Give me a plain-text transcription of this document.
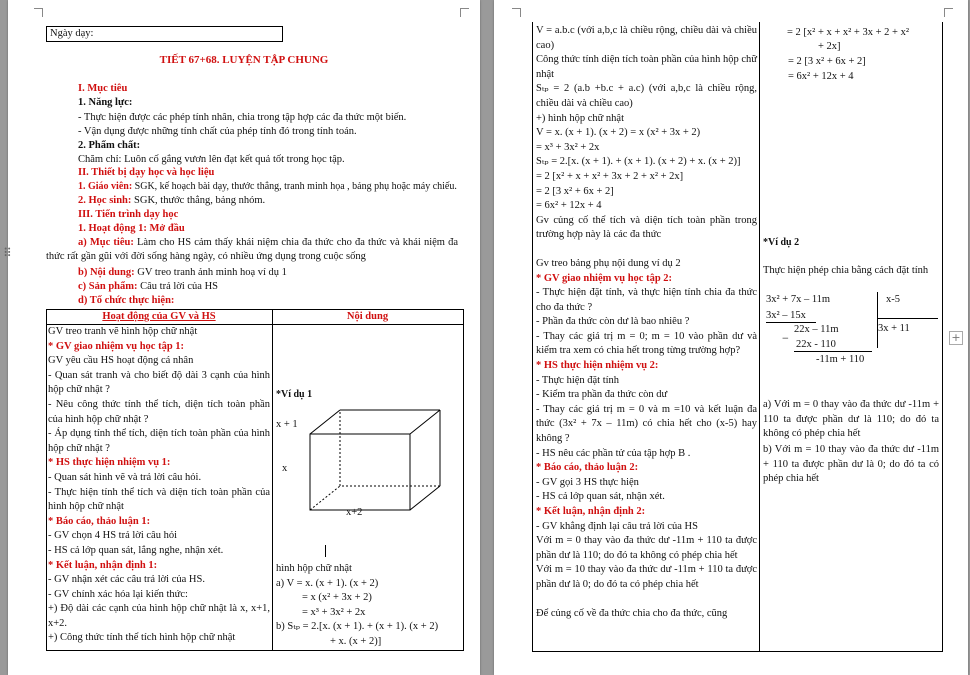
Ngày dạy:
TIẾT 67+68. LUYỆN TẬP CHUNG
I. Mục tiêu
1. Năng lực:
- Thực hiện được các phép tính nhân, chia trong tập hợp các đa thức một biến.
- Vận dụng được những tính chất của phép tính đó trong tính toán.
2. Phẩm chất:
Chăm chỉ: Luôn cố gắng vươn lên đạt kết quả tốt trong học tập.
II. Thiết bị dạy học và học liệu
1. Giáo viên: SGK, kế hoạch bài dạy, thước thẳng, tranh minh họa , bảng phụ hoặc máy chiếu.
2. Học sinh: SGK, thước thẳng, bảng nhóm.
III. Tiến trình dạy học
1. Hoạt động 1: Mở đầu
a) Mục tiêu: Làm cho HS cảm thấy khái niệm chia đa thức cho đa thức và khái niệm đa thức rất gần gũi với đời sống hàng ngày, có nhiều ứng dụng trong cuộc sống
b) Nội dung: GV treo tranh ảnh minh hoạ ví dụ 1
c) Sản phẩm: Câu trả lời của HS
d) Tổ chức thực hiện:
⠿
Hoạt động của GV và HS	Nội dung
GV treo tranh vẽ hình hộp chữ nhật
* GV giao nhiệm vụ học tập 1:
GV yêu cầu HS hoạt động cá nhân
- Quan sát tranh và cho biết độ dài 3 cạnh của hình hộp chữ nhật ?
- Nêu công thức tính thể tích, diện tích toàn phần của hình hộp chữ nhật ?
- Áp dụng tính thể tích, diện tích toàn phần của hình hộp chữ nhật ?
* HS thực hiện nhiệm vụ 1:
- Quan sát hình vẽ và trả lời câu hỏi.
- Thực hiện tính thể tích và diện tích toàn phần của hình hộp chữ nhật
* Báo cáo, thảo luận 1:
- GV chọn 4 HS trả lời câu hỏi
- HS cả lớp quan sát, lắng nghe, nhận xét.
* Kết luận, nhận định 1:
- GV nhận xét các câu trả lời của HS.
- GV chính xác hóa lại kiến thức:
+) Độ dài các cạnh của hình hộp chữ nhật là x, x+1, x+2.
+) Công thức tính thể tích hình hộp chữ nhật
*Ví dụ 1
x + 1
x
x+2
hình hộp chữ nhật
a) V = x. (x + 1). (x + 2)
= x (x² + 3x + 2)
= x³ + 3x² + 2x
b) Sₜₚ = 2.[x. (x + 1). + (x + 1). (x + 2)
+ x. (x + 2)]
V = a.b.c (với a,b,c là chiều rộng, chiều dài và chiều cao)
Công thức tính diện tích toàn phần của hình hộp chữ nhật
Sₜₚ = 2 (a.b +b.c + a.c) (với a,b,c là chiều rộng, chiều dài và chiều cao)
+) hình hộp chữ nhật
V = x. (x + 1). (x + 2) = x (x² + 3x + 2)
= x³ + 3x² + 2x
Sₜₚ = 2.[x. (x + 1). + (x + 1). (x + 2) + x. (x + 2)]
= 2 [x² + x + x² + 3x + 2 + x² + 2x]
= 2 [3 x² + 6x + 2]
= 6x² + 12x + 4
Gv củng cố thể tích và diện tích toàn phần trong trường hợp này là các đa thức
Gv treo bảng phụ nội dung ví dụ 2
* GV giao nhiệm vụ học tập 2:
- Thực hiện đặt tính, và thực hiện tính chia đa thức cho đa thức ?
- Phần đa thức còn dư là bao nhiêu ?
- Thay các giá trị m = 0; m = 10 vào phần dư và kiểm tra xem có chia hết trong từng trường hợp?
* HS thực hiện nhiệm vụ 2:
- Thực hiện đặt tính
- Kiểm tra phần đa thức còn dư
- Thay các giá trị m = 0 và m =10 và kết luận đa thức (3x² + 7x – 11m) có chia hết cho (x-5) hay không ?
- HS nêu các phần tử của tập hợp B .
* Báo cáo, thảo luận 2:
- GV gọi 3 HS thực hiện
- HS cả lớp quan sát, nhận xét.
* Kết luận, nhận định 2:
- GV khẳng định lại câu trả lời của HS
Với m = 0 thay vào đa thức dư -11m + 110 ta được phần dư là 110; do đó ta không có phép chia hết
Với m = 10 thay vào đa thức dư -11m + 110 ta được phần dư là 0; do đó ta có phép chia hết
Để củng cố về đa thức chia cho đa thức, cũng
= 2 [x² + x + x² + 3x + 2 + x²
+ 2x]
= 2 [3 x² + 6x + 2]
= 6x² + 12x + 4
*Ví dụ 2
Thực hiện phép chia bằng cách đặt tính
3x² + 7x – 11m	x-5
3x² – 15x
3x + 11
22x – 11m
− 22x - 110
-11m + 110
a) Với m = 0 thay vào đa thức dư -11m + 110 ta được phần dư là 110; do đó ta không có phép chia hết
b) Với m = 10 thay vào đa thức dư -11m + 110 ta được phần dư là 0; do đó ta có phép chia hết
+
